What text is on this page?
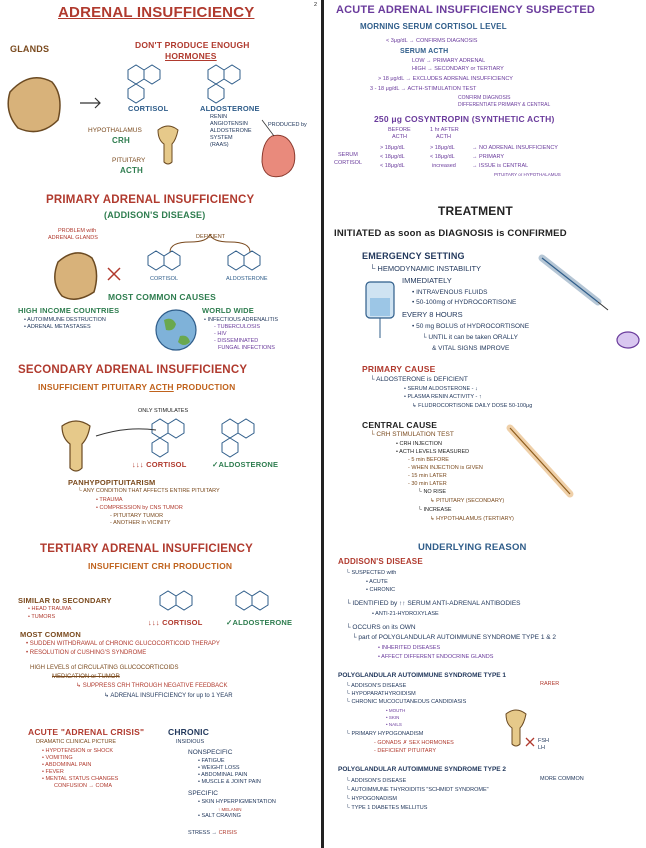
ADRENAL INSUFFICIENCY
GLANDS	DON'T PRODUCE ENOUGH
HORMONES
CORTISOL	ALDOSTERONE
HYPOTHALAMUS
CRH
PITUITARY
ACTH
RENIN
ANGIOTENSIN
ALDOSTERONE
SYSTEM
(RAAS)
PRODUCED by
PRIMARY ADRENAL INSUFFICIENCY
(ADDISON'S DISEASE)
PROBLEM with
ADRENAL GLANDS	DEFICIENT
CORTISOL	ALDOSTERONE
MOST COMMON CAUSES
HIGH INCOME COUNTRIES
• AUTOIMMUNE DESTRUCTION
• ADRENAL METASTASES
WORLD WIDE
• INFECTIOUS ADRENALITIS
- TUBERCULOSIS
- HIV
- DISSEMINATED
FUNGAL INFECTIONS
SECONDARY ADRENAL INSUFFICIENCY
INSUFFICIENT PITUITARY ACTH PRODUCTION
ONLY STIMULATES
↓↓↓ CORTISOL	✓ALDOSTERONE
PANHYPOPITUITARISM
└ ANY CONDITION THAT AFFECTS ENTIRE PITUITARY
• TRAUMA
• COMPRESSION by CNS TUMOR
- PITUITARY TUMOR
- ANOTHER in VICINITY
TERTIARY ADRENAL INSUFFICIENCY
INSUFFICIENT CRH PRODUCTION
SIMILAR to SECONDARY
• HEAD TRAUMA
• TUMORS
↓↓↓ CORTISOL	✓ALDOSTERONE
MOST COMMON
• SUDDEN WITHDRAWAL of CHRONIC GLUCOCORTICOID THERAPY
• RESOLUTION of CUSHING'S SYNDROME
HIGH LEVELS of CIRCULATING GLUCOCORTICOIDS
MEDICATION or TUMOR
↳ SUPPRESS CRH THROUGH NEGATIVE FEEDBACK
↳ ADRENAL INSUFFICIENCY for up to 1 YEAR
ACUTE "ADRENAL CRISIS"
DRAMATIC CLINICAL PICTURE
• HYPOTENSION or SHOCK
• VOMITING
• ABDOMINAL PAIN
• FEVER
• MENTAL STATUS CHANGES
CONFUSION → COMA
CHRONIC
INSIDIOUS
NONSPECIFIC
• FATIGUE
• WEIGHT LOSS
• ABDOMINAL PAIN
• MUSCLE & JOINT PAIN
SPECIFIC
• SKIN HYPERPIGMENTATION
↑ MELANIN
• SALT CRAVING
STRESS → CRISIS
2 ACUTE ADRENAL INSUFFICIENCY SUSPECTED
MORNING SERUM CORTISOL LEVEL
< 3μg/dL → CONFIRMS DIAGNOSIS
SERUM ACTH
LOW → PRIMARY ADRENAL
HIGH → SECONDARY or TERTIARY
> 18 μg/dL → EXCLUDES ADRENAL INSUFFICIENCY
3 - 18 μg/dL → ACTH-STIMULATION TEST
CONFIRM DIAGNOSIS
DIFFERENTIATE PRIMARY & CENTRAL
250 μg COSYNTROPIN (SYNTHETIC ACTH)
BEFORE
ACTH
1 hr AFTER
ACTH
SERUM
CORTISOL
> 18μg/dL	> 18μg/dL	→ NO ADRENAL INSUFFICIENCY
< 18μg/dL	< 18μg/dL	→ PRIMARY
< 18μg/dL	increased	→ ISSUE is CENTRAL
PITUITARY or HYPOTHALAMUS
TREATMENT
INITIATED as soon as DIAGNOSIS is CONFIRMED
EMERGENCY SETTING
└ HEMODYNAMIC INSTABILITY
IMMEDIATELY
• INTRAVENOUS FLUIDS
• 50-100mg of HYDROCORTISONE
EVERY 8 HOURS
• 50 mg BOLUS of HYDROCORTISONE
└ UNTIL it can be taken ORALLY
& VITAL SIGNS IMPROVE
PRIMARY CAUSE
└ ALDOSTERONE is DEFICIENT
• SERUM ALDOSTERONE - ↓
• PLASMA RENIN ACTIVITY - ↑
↳ FLUDROCORTISONE DAILY DOSE 50-100μg
CENTRAL CAUSE
└ CRH STIMULATION TEST
• CRH INJECTION
• ACTH LEVELS MEASURED
- 5 min BEFORE
- WHEN INJECTION is GIVEN
- 15 min LATER
- 30 min LATER
└ NO RISE
↳ PITUITARY (SECONDARY)
└ INCREASE
↳ HYPOTHALAMUS (TERTIARY)
UNDERLYING REASON
ADDISON'S DISEASE
└ SUSPECTED with
• ACUTE
• CHRONIC
└ IDENTIFIED by ↑↑ SERUM ANTI-ADRENAL ANTIBODIES
• ANTI-21-HYDROXYLASE
└ OCCURS on its OWN
└ part of POLYGLANDULAR AUTOIMMUNE SYNDROME TYPE 1 & 2
• INHERITED DISEASES
• AFFECT DIFFERENT ENDOCRINE GLANDS
POLYGLANDULAR AUTOIMMUNE SYNDROME TYPE 1
RARER
└ ADDISON'S DISEASE
└ HYPOPARATHYROIDISM
└ CHRONIC MUCOCUTANEOUS CANDIDIASIS
• MOUTH
• SKIN
• NAILS
└ PRIMARY HYPOGONADISM
- GONADS ✗ SEX HORMONES
- DEFICIENT PITUITARY
FSH
LH
POLYGLANDULAR AUTOIMMUNE SYNDROME TYPE 2
MORE COMMON
└ ADDISON'S DISEASE
└ AUTOIMMUNE THYROIDITIS "SCHMIDT SYNDROME"
└ HYPOGONADISM
└ TYPE 1 DIABETES MELLITUS
